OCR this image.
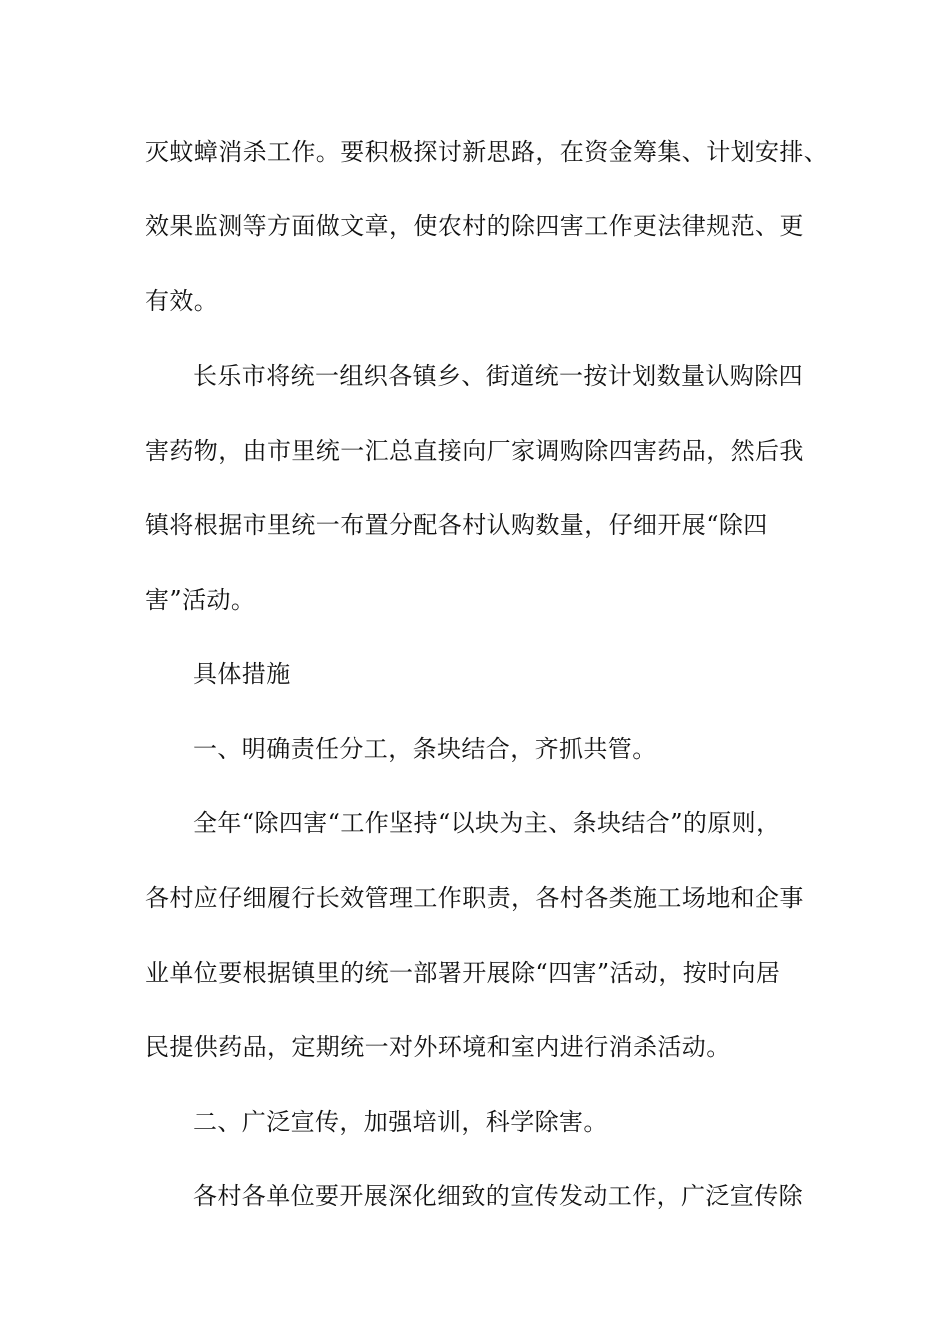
灭蚊蟑消杀工作。要积极探讨新思路，在资金筹集、计划安排、
效果监测等方面做文章，使农村的除四害工作更法律规范、更
有效。
长乐市将统一组织各镇乡、街道统一按计划数量认购除四
害药物，由市里统一汇总直接向厂家调购除四害药品，然后我
镇将根据市里统一布置分配各村认购数量，仔细开展“除四
害”活动。
具体措施
一、明确责任分工，条块结合，齐抓共管。
全年“除四害“工作坚持“以块为主、条块结合”的原则，
各村应仔细履行长效管理工作职责，各村各类施工场地和企事
业单位要根据镇里的统一部署开展除“四害”活动，按时向居
民提供药品，定期统一对外环境和室内进行消杀活动。
二、广泛宣传，加强培训，科学除害。
各村各单位要开展深化细致的宣传发动工作，广泛宣传除
